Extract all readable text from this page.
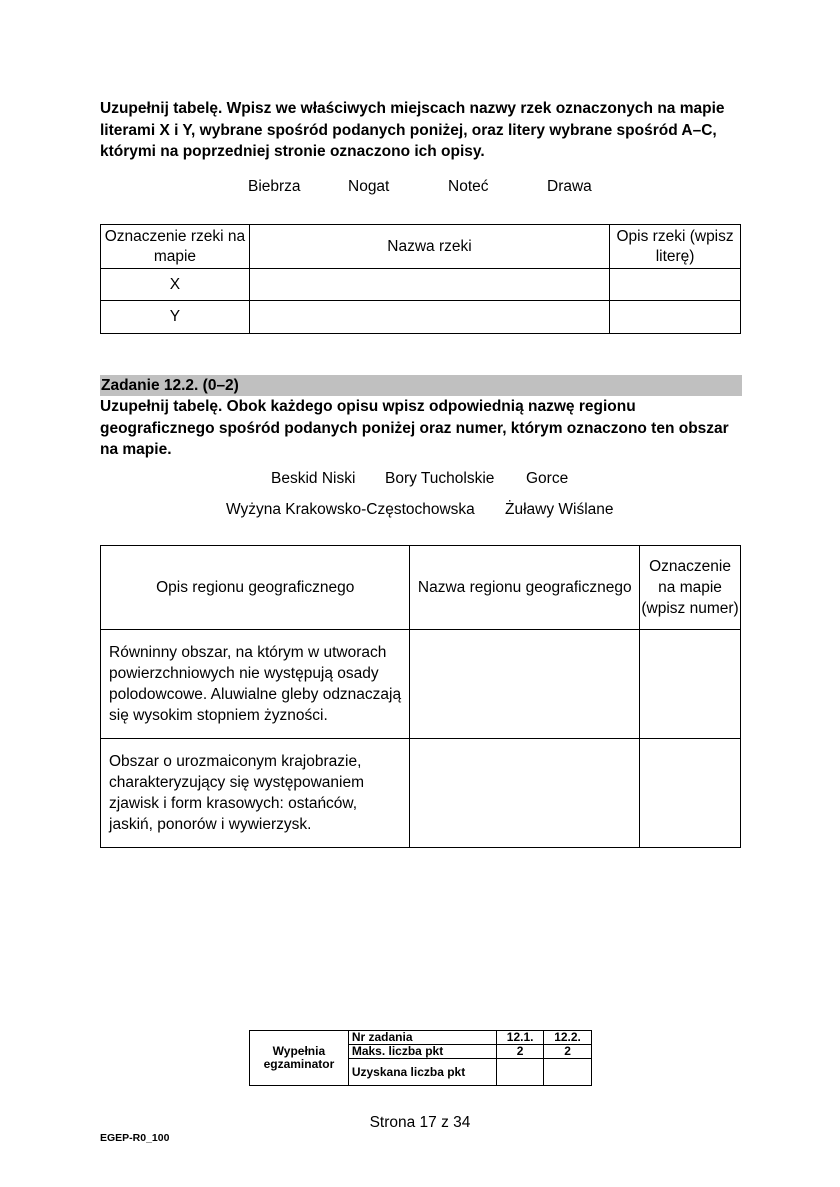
Uzupełnij tabelę. Wpisz we właściwych miejscach nazwy rzek oznaczonych na mapie literami X i Y, wybrane spośród podanych poniżej, oraz litery wybrane spośród A–C, którymi na poprzedniej stronie oznaczono ich opisy.
Biebrza	Nogat	Noteć	Drawa
Oznaczenie rzeki na mapie	Nazwa rzeki	Opis rzeki (wpisz literę)
X		
Y		
Zadanie 12.2. (0–2)
Uzupełnij tabelę. Obok każdego opisu wpisz odpowiednią nazwę regionu geograficznego spośród podanych poniżej oraz numer, którym oznaczono ten obszar na mapie.
Beskid Niski Bory Tucholskie Gorce
Wyżyna Krakowsko-Częstochowska Żuławy Wiślane
Opis regionu geograficznego	Nazwa regionu geograficznego	Oznaczenie na mapie (wpisz numer)
Równinny obszar, na którym w utworach powierzchniowych nie występują osady polodowcowe. Aluwialne gleby odznaczają się wysokim stopniem żyzności.		
Obszar o urozmaiconym krajobrazie, charakteryzujący się występowaniem zjawisk i form krasowych: ostańców, jaskiń, ponorów i wywierzysk.		
Wypełnia egzaminator	Nr zadania	12.1.	12.2.
	Maks. liczba pkt	2	2
	Uzyskana liczba pkt		
Strona 17 z 34
EGEP-R0_100
